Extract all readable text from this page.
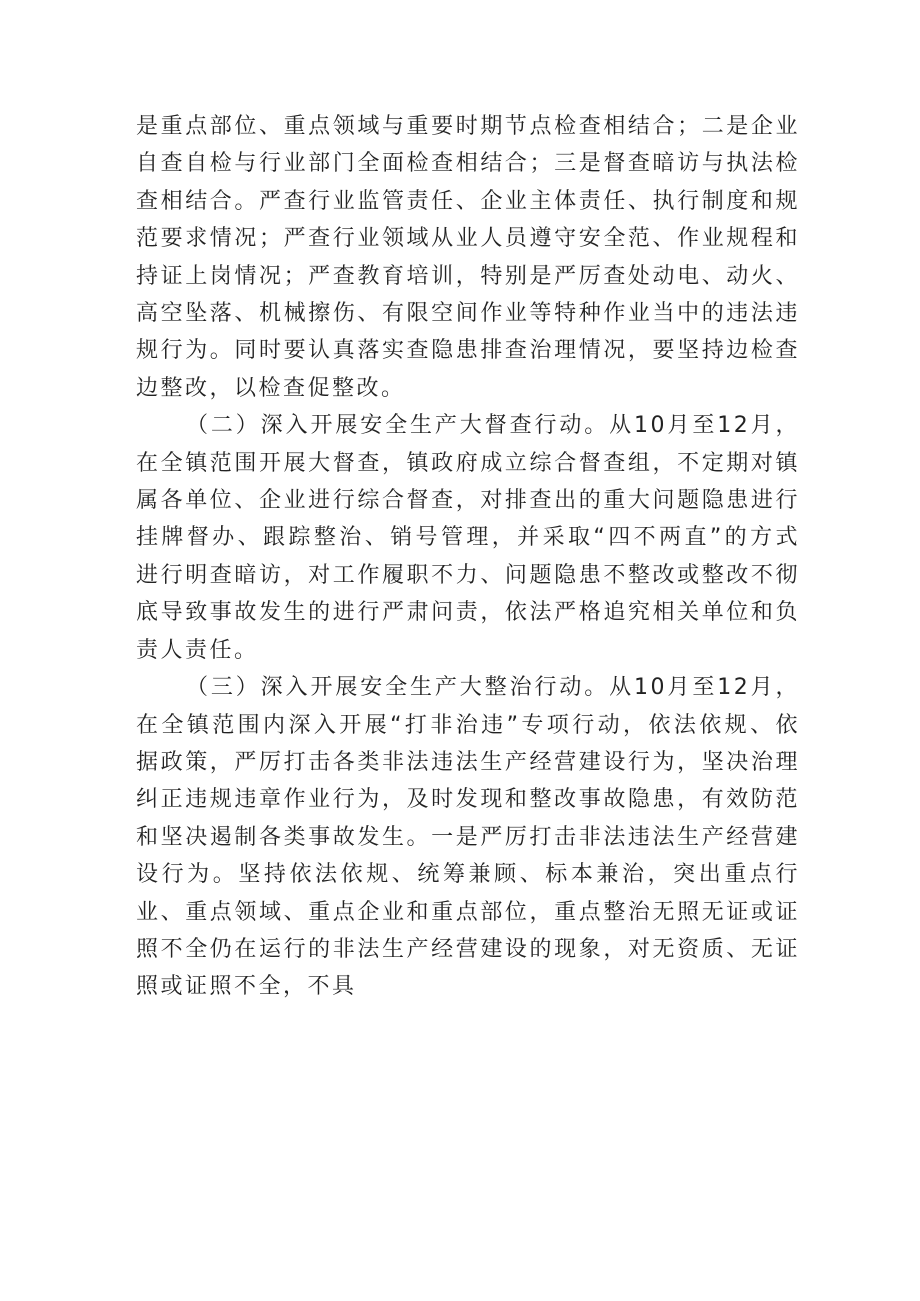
是重点部位、重点领域与重要时期节点检查相结合；二是企业自查自检与行业部门全面检查相结合；三是督查暗访与执法检查相结合。严查行业监管责任、企业主体责任、执行制度和规范要求情况；严查行业领域从业人员遵守安全范、作业规程和持证上岗情况；严查教育培训，特别是严厉查处动电、动火、高空坠落、机械擦伤、有限空间作业等特种作业当中的违法违规行为。同时要认真落实查隐患排查治理情况，要坚持边检查边整改，以检查促整改。

（二）深入开展安全生产大督查行动。从10月至12月，在全镇范围开展大督查，镇政府成立综合督查组，不定期对镇属各单位、企业进行综合督查，对排查出的重大问题隐患进行挂牌督办、跟踪整治、销号管理，并采取“四不两直”的方式进行明查暗访，对工作履职不力、问题隐患不整改或整改不彻底导致事故发生的进行严肃问责，依法严格追究相关单位和负责人责任。

（三）深入开展安全生产大整治行动。从10月至12月，在全镇范围内深入开展“打非治违”专项行动，依法依规、依据政策，严厉打击各类非法违法生产经营建设行为，坚决治理纠正违规违章作业行为，及时发现和整改事故隐患，有效防范和坚决遏制各类事故发生。一是严厉打击非法违法生产经营建设行为。坚持依法依规、统筹兼顾、标本兼治，突出重点行业、重点领域、重点企业和重点部位，重点整治无照无证或证照不全仍在运行的非法生产经营建设的现象，对无资质、无证照或证照不全，不具
